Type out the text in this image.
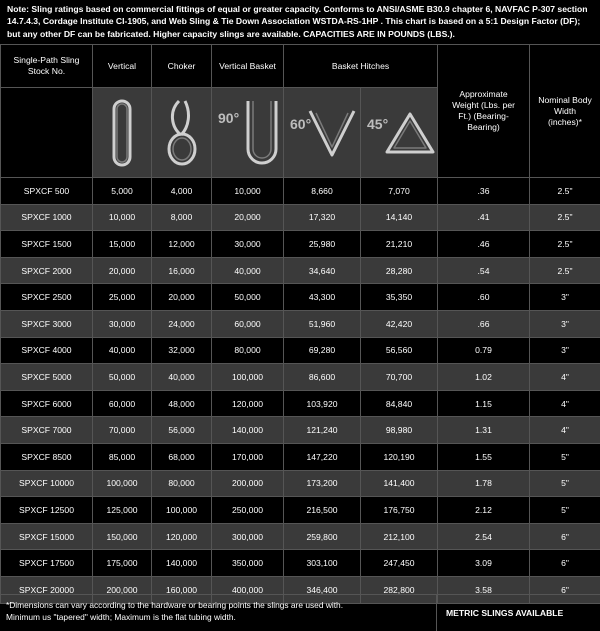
Note: Sling ratings based on commercial fittings of equal or greater capacity. Conforms to ANSI/ASME B30.9 chapter 6, NAVFAC P-307 section 14.7.4.3, Cordage Institute CI-1905, and Web Sling & Tie Down Association WSTDA-RS-1HP . This chart is based on a 5:1 Design Factor (DF); but any other DF can be fabricated. Higher capacity slings are available. CAPACITIES ARE IN POUNDS (LBS.).
Single-Path Sling Stock No.	Vertical	Choker	Vertical Basket	Basket Hitches		Approximate Weight (Lbs. per Ft.) (Bearing-Bearing)	Nominal Body Width (inches)*

90°	60°	45°		

SPXCF 500	5,000	4,000	10,000	8,660	7,070	.36	2.5"
SPXCF 1000	10,000	8,000	20,000	17,320	14,140	.41	2.5"
SPXCF 1500	15,000	12,000	30,000	25,980	21,210	.46	2.5"
SPXCF 2000	20,000	16,000	40,000	34,640	28,280	.54	2.5"
SPXCF 2500	25,000	20,000	50,000	43,300	35,350	.60	3"
SPXCF 3000	30,000	24,000	60,000	51,960	42,420	.66	3"
SPXCF 4000	40,000	32,000	80,000	69,280	56,560	0.79	3"
SPXCF 5000	50,000	40,000	100,000	86,600	70,700	1.02	4"
SPXCF 6000	60,000	48,000	120,000	103,920	84,840	1.15	4"
SPXCF 7000	70,000	56,000	140,000	121,240	98,980	1.31	4"
SPXCF 8500	85,000	68,000	170,000	147,220	120,190	1.55	5"
SPXCF 10000	100,000	80,000	200,000	173,200	141,400	1.78	5"
SPXCF 12500	125,000	100,000	250,000	216,500	176,750	2.12	5"
SPXCF 15000	150,000	120,000	300,000	259,800	212,100	2.54	6"
SPXCF 17500	175,000	140,000	350,000	303,100	247,450	3.09	6"
SPXCF 20000	200,000	160,000	400,000	346,400	282,800	3.58	6"
*Dimensions can vary according to the hardware or bearing points the slings are used with.
Minimum us "tapered" width; Maximum is the flat tubing width.	METRIC SLINGS AVAILABLE
